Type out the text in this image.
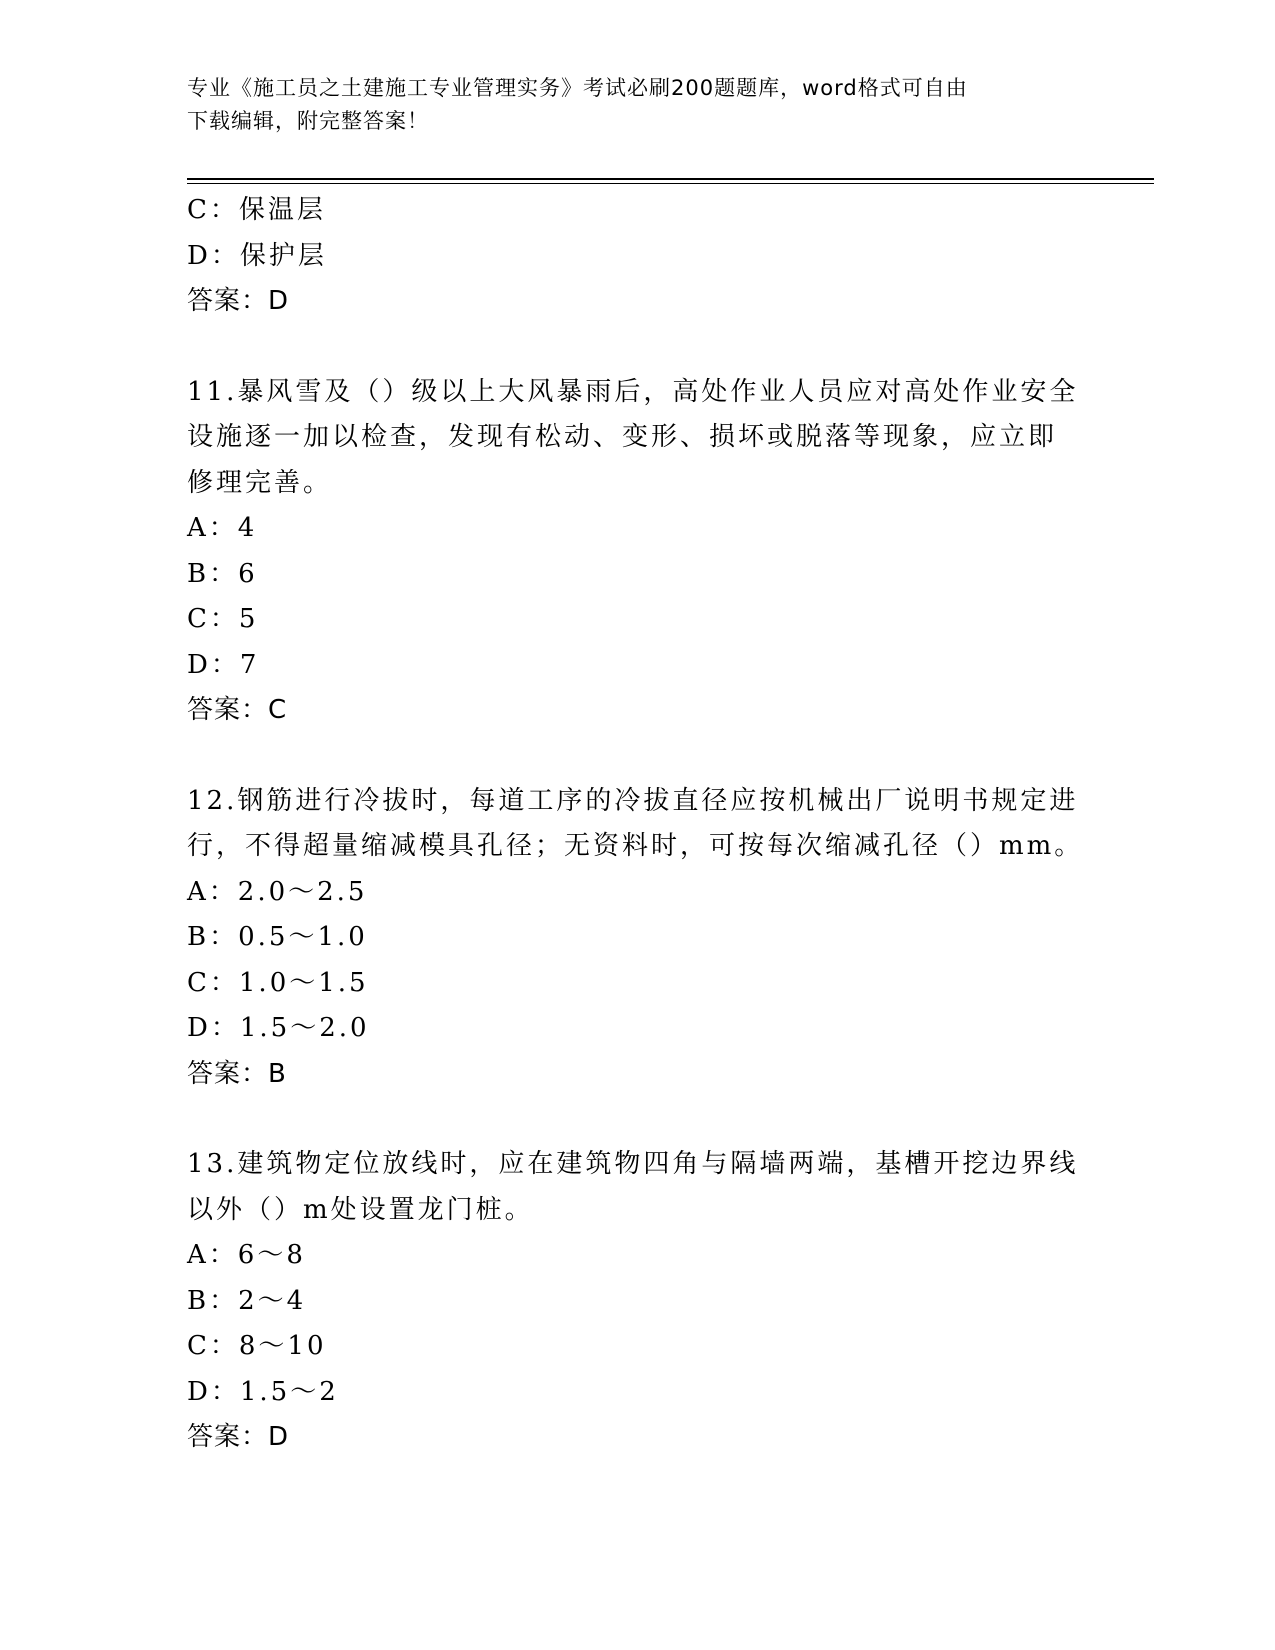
专业《施工员之土建施工专业管理实务》考试必刷200题题库，word格式可自由
下载编辑，附完整答案！
C：保温层
D：保护层
答案：D
11.暴风雪及（）级以上大风暴雨后，高处作业人员应对高处作业安全
设施逐一加以检查，发现有松动、变形、损坏或脱落等现象，应立即
修理完善。
A：4
B：6
C：5
D：7
答案：C
12.钢筋进行冷拔时，每道工序的冷拔直径应按机械出厂说明书规定进
行，不得超量缩减模具孔径；无资料时，可按每次缩减孔径（）mm。
A：2.0～2.5
B：0.5～1.0
C：1.0～1.5
D：1.5～2.0
答案：B
13.建筑物定位放线时，应在建筑物四角与隔墙两端，基槽开挖边界线
以外（）m处设置龙门桩。
A：6～8
B：2～4
C：8～10
D：1.5～2
答案：D
